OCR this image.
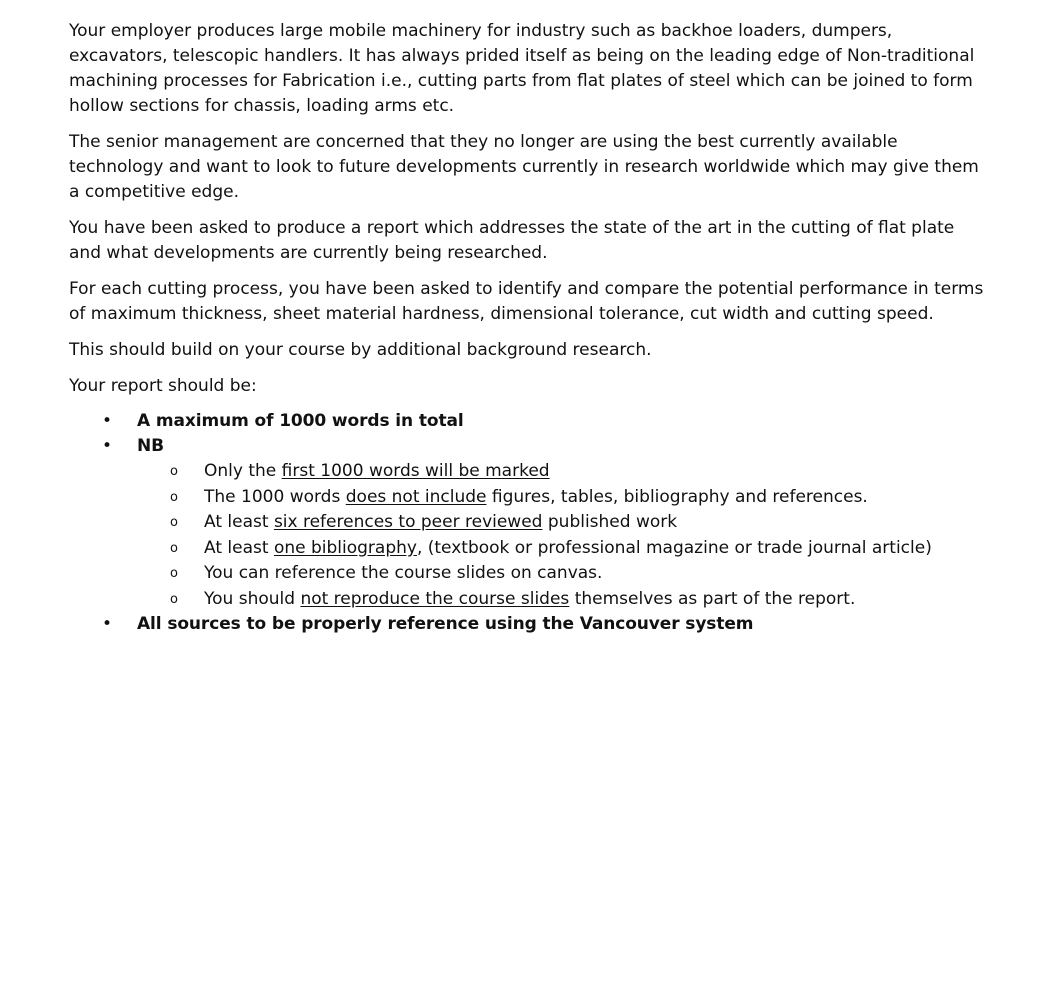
Your employer produces large mobile machinery for industry such as backhoe loaders, dumpers, excavators, telescopic handlers. It has always prided itself as being on the leading edge of Non-traditional machining processes for Fabrication i.e., cutting parts from flat plates of steel which can be joined to form hollow sections for chassis, loading arms etc.

The senior management are concerned that they no longer are using the best currently available technology and want to look to future developments currently in research worldwide which may give them a competitive edge.

You have been asked to produce a report which addresses the state of the art in the cutting of flat plate and what developments are currently being researched.

For each cutting process, you have been asked to identify and compare the potential performance in terms of maximum thickness, sheet material hardness, dimensional tolerance, cut width and cutting speed.

This should build on your course by additional background research.

Your report should be:

• A maximum of 1000 words in total
• NB
o Only the first 1000 words will be marked
o The 1000 words does not include figures, tables, bibliography and references.
o At least six references to peer reviewed published work
o At least one bibliography, (textbook or professional magazine or trade journal article)
o You can reference the course slides on canvas.
o You should not reproduce the course slides themselves as part of the report.
• All sources to be properly reference using the Vancouver system
